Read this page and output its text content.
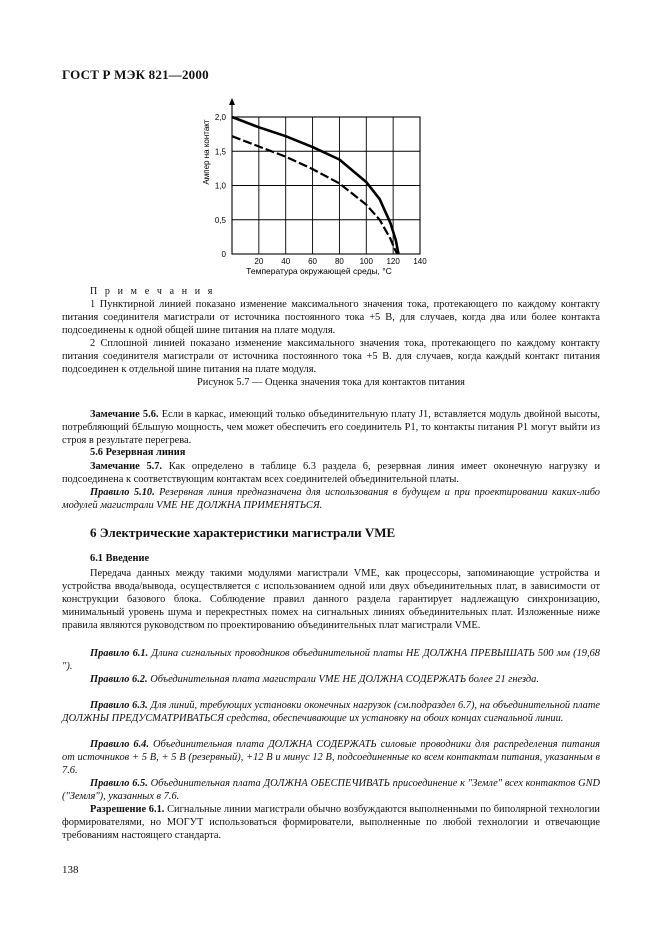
ГОСТ Р МЭК 821—2000
20 40 60 80 100 120 140
0
0,5
1,0
1,5
2,0
Ампер на контакт
Температура окружающей среды, °С
П р и м е ч а н и я
1 Пунктирной линией показано изменение максимального значения тока, протекающего по каждому контакту питания соединителя магистрали от источника постоянного тока +5 В, для случаев, когда два или более контакта подсоединены к одной общей шине питания на плате модуля.
2 Сплошной линией показано изменение максимального значения тока, протекающего по каждому контакту питания соединителя магистрали от источника постоянного тока +5 В. для случаев, когда каждый контакт питания подсоединен к отдельной шине питания на плате модуля.
Рисунок 5.7 — Оценка значения тока для контактов питания
Замечание 5.6. Если в каркас, имеющий только объединительную плату J1, вставляется модуль двойной высоты, потребляющий б£льшую мощность, чем может обеспечить его соединитель Р1, то контакты питания Р1 могут выйти из строя в результате перегрева.
5.6 Резервная линия
Замечание 5.7. Как определено в таблице 6.3 раздела 6, резервная линия имеет оконечную нагрузку и подсоединена к соответствующим контактам всех соединителей объединительной платы.
Правило 5.10. Резервная линия предназначена для использования в будущем и при проектировании каких-либо модулей магистрали VME НЕ ДОЛЖНА ПРИМЕНЯТЬСЯ.
6 Электрические характеристики магистрали VME
6.1 Введение
Передача данных между такими модулями магистрали VME, как процессоры, запоминающие устройства и устройства ввода/вывода, осуществляется с использованием одной или двух объединительных плат, в зависимости от конструкции базового блока. Соблюдение правил данного раздела гарантирует надлежащую синхронизацию, минимальный уровень шума и перекрестных помех на сигнальных линиях объединительных плат. Изложенные ниже правила являются руководством по проектированию объединительных плат магистрали VME.
Правило 6.1. Длина сигнальных проводников объединительной платы НЕ ДОЛЖНА ПРЕВЫШАТЬ 500 мм (19,68 ").
Правило 6.2. Объединительная плата магистрали VME НЕ ДОЛЖНА СОДЕРЖАТЬ более 21 гнезда.
Правило 6.3. Для линий, требующих установки оконечных нагрузок (см.подраздел 6.7), на объединительной плате ДОЛЖНЫ ПРЕДУСМАТРИВАТЬСЯ средства, обеспечивающие их установку на обоих концах сигнальной линии.
Правило 6.4. Объединительная плата ДОЛЖНА СОДЕРЖАТЬ силовые проводники для распределения питания от источников + 5 В, + 5 В (резервный), +12 В и минус 12 В, подсоединенные ко всем контактам питания, указанным в 7.6.
Правило 6.5. Объединительная плата ДОЛЖНА ОБЕСПЕЧИВАТЬ присоединение к "Земле" всех контактов GND ("Земля"), указанных в 7.6.
Разрешение 6.1. Сигнальные линии магистрали обычно возбуждаются выполненными по биполярной технологии формирователями, но МОГУТ использоваться формирователи, выполненные по любой технологии и отвечающие требованиям настоящего стандарта.
138
